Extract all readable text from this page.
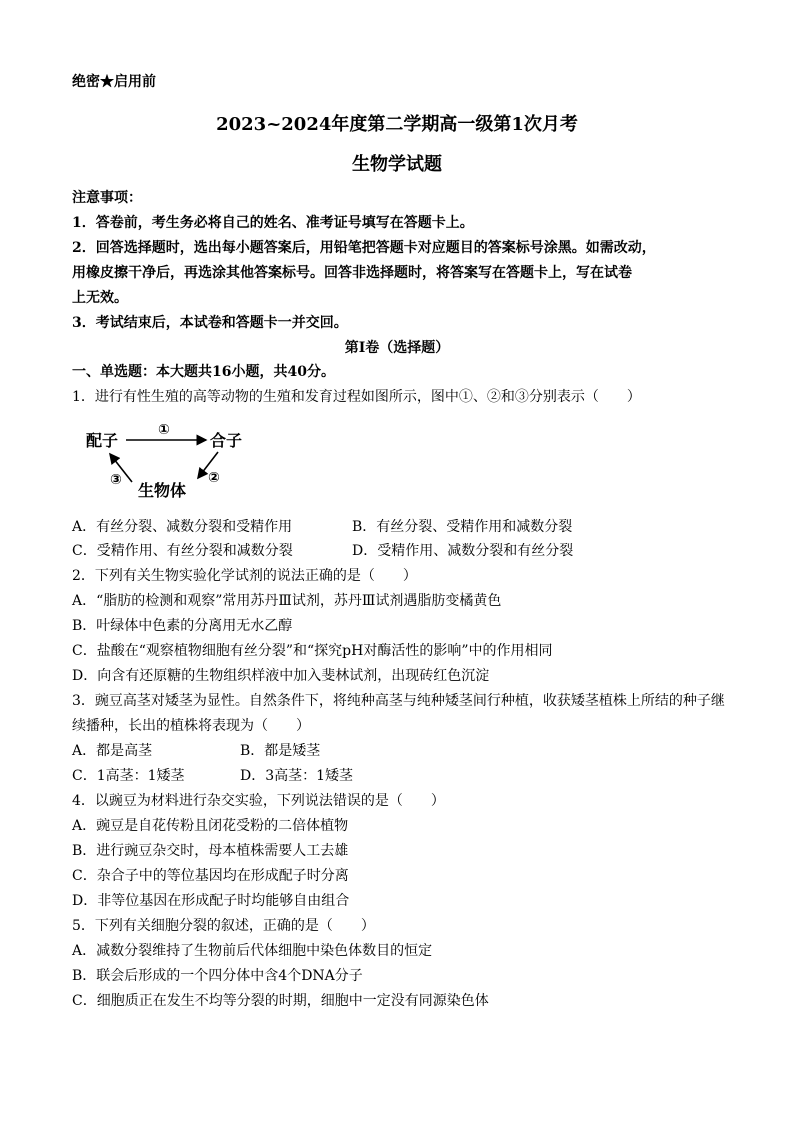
绝密★启用前
2023~2024年度第二学期高一级第1次月考
生物学试题
注意事项：
1．答卷前，考生务必将自己的姓名、准考证号填写在答题卡上。
2．回答选择题时，选出每小题答案后，用铅笔把答题卡对应题目的答案标号涂黑。如需改动，
用橡皮擦干净后，再选涂其他答案标号。回答非选择题时，将答案写在答题卡上，写在试卷
上无效。
3．考试结束后，本试卷和答题卡一并交回。
第Ⅰ卷（选择题）
一、单选题：本大题共16小题，共40分。
1．进行有性生殖的高等动物的生殖和发育过程如图所示，图中①、②和③分别表示（　　）
配子	合子
生物体
①
②
③
A．有丝分裂、减数分裂和受精作用	B．有丝分裂、受精作用和减数分裂
C．受精作用、有丝分裂和减数分裂	D．受精作用、减数分裂和有丝分裂
2．下列有关生物实验化学试剂的说法正确的是（　　）
A．“脂肪的检测和观察”常用苏丹Ⅲ试剂，苏丹Ⅲ试剂遇脂肪变橘黄色
B．叶绿体中色素的分离用无水乙醇
C．盐酸在“观察植物细胞有丝分裂”和“探究pH对酶活性的影响”中的作用相同
D．向含有还原糖的生物组织样液中加入斐林试剂，出现砖红色沉淀
3．豌豆高茎对矮茎为显性。自然条件下，将纯种高茎与纯种矮茎间行种植，收获矮茎植株上所结的种子继
续播种，长出的植株将表现为（　　）
A．都是高茎	B．都是矮茎
C．1高茎：1矮茎	D．3高茎：1矮茎
4．以豌豆为材料进行杂交实验，下列说法错误的是（　　）
A．豌豆是自花传粉且闭花受粉的二倍体植物
B．进行豌豆杂交时，母本植株需要人工去雄
C．杂合子中的等位基因均在形成配子时分离
D．非等位基因在形成配子时均能够自由组合
5．下列有关细胞分裂的叙述，正确的是（　　）
A．减数分裂维持了生物前后代体细胞中染色体数目的恒定
B．联会后形成的一个四分体中含4个DNA分子
C．细胞质正在发生不均等分裂的时期，细胞中一定没有同源染色体
